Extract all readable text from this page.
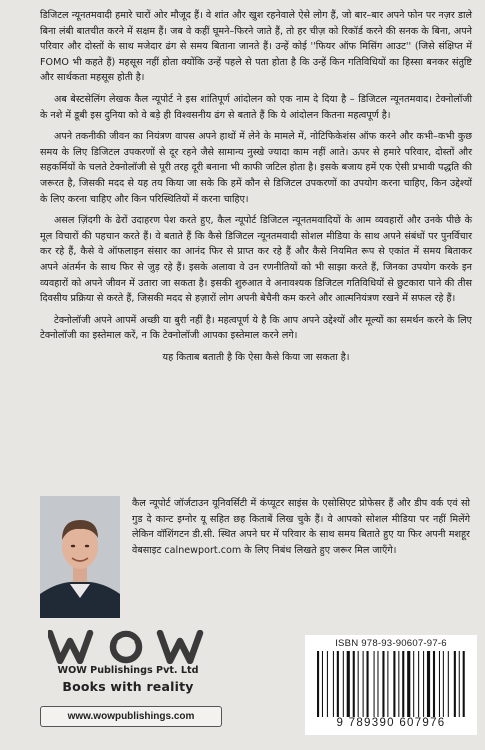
डिजिटल न्यूनतमवादी हमारे चारों ओर मौजूद हैं। वे शांत और खुश रहनेवाले ऐसे लोग हैं, जो बार–बार अपने फोन पर नज़र डाले बिना लंबी बातचीत करने में सक्षम हैं। जब वे कहीं घूमने–फिरने जाते हैं, तो हर चीज़ को रिकॉर्ड करने की सनक के बिना, अपने परिवार और दोस्तों के साथ मजेदार ढंग से समय बिताना जानते हैं। उन्हें कोई ''फियर ऑफ मिसिंग आउट'' (जिसे संक्षिप्त में FOMO भी कहते हैं) महसूस नहीं होता क्योंकि उन्हें पहले से पता होता है कि उन्हें किन गतिविधियों का हिस्सा बनकर संतुष्टि और सार्थकता महसूस होती है।

अब बेस्टसेलिंग लेखक कैल न्यूपोर्ट ने इस शांतिपूर्ण आंदोलन को एक नाम दे दिया है – डिजिटल न्यूनतमवाद। टेक्नोलॉजी के नशे में डूबी इस दुनिया को वे बड़े ही विश्वसनीय ढंग से बताते हैं कि ये आंदोलन कितना महत्वपूर्ण है।

अपने तकनीकी जीवन का नियंत्रण वापस अपने हाथों में लेने के मामले में, नोटिफिकेशंस ऑफ करने और कभी–कभी कुछ समय के लिए डिजिटल उपकरणों से दूर रहने जैसे सामान्य नुस्खे ज्यादा काम नहीं आते। ऊपर से हमारे परिवार, दोस्तों और सहकर्मियों के चलते टेक्नोलॉजी से पूरी तरह दूरी बनाना भी काफी जटिल होता है। इसके बजाय हमें एक ऐसी प्रभावी पद्धति की जरूरत है, जिसकी मदद से यह तय किया जा सके कि हमें कौन से डिजिटल उपकरणों का उपयोग करना चाहिए, किन उद्देश्यों के लिए करना चाहिए और किन परिस्थितियों में करना चाहिए।

असल ज़िंदगी के ढेरों उदाहरण पेश करते हुए, कैल न्यूपोर्ट डिजिटल न्यूनतमवादियों के आम व्यवहारों और उनके पीछे के मूल विचारों की पहचान करते हैं। वे बताते हैं कि कैसे डिजिटल न्यूनतमवादी सोशल मीडिया के साथ अपने संबंधों पर पुनर्विचार कर रहे हैं, कैसे वे ऑफलाइन संसार का आनंद फिर से प्राप्त कर रहे हैं और कैसे नियमित रूप से एकांत में समय बिताकर अपने अंतर्मन के साथ फिर से जुड़ रहे हैं। इसके अलावा वे उन रणनीतियों को भी साझा करते हैं, जिनका उपयोग करके इन व्यवहारों को अपने जीवन में उतारा जा सकता है। इसकी शुरुआत वे अनावश्यक डिजिटल गतिविधियों से छुटकारा पाने की तीस दिवसीय प्रक्रिया से करते हैं, जिसकी मदद से हज़ारों लोग अपनी बेचैनी कम करने और आत्मनियंत्रण रखने में सफल रहे हैं।

टेक्नोलॉजी अपने आपमें अच्छी या बुरी नहीं है। महत्वपूर्ण ये है कि आप अपने उद्देश्यों और मूल्यों का समर्थन करने के लिए टेक्नोलॉजी का इस्तेमाल करें, न कि टेक्नोलॉजी आपका इस्तेमाल करने लगे।

यह किताब बताती है कि ऐसा कैसे किया जा सकता है।

कैल न्यूपोर्ट जॉर्जटाउन यूनिवर्सिटी में कंप्यूटर साइंस के एसोसिएट प्रोफेसर हैं और डीप वर्क एवं सो गुड दे कान्ट इग्नोर यू सहित छह किताबें लिख चुके हैं। वे आपको सोशल मीडिया पर नहीं मिलेंगे लेकिन वॉशिंगटन डी.सी. स्थित अपने घर में परिवार के साथ समय बिताते हुए या फिर अपनी मशहूर वेबसाइट calnewport.com के लिए निबंध लिखते हुए जरूर मिल जाएँगे।
WOW Publishings Pvt. Ltd
Books with reality
www.wowpublishings.com
ISBN 978-93-90607-97-6
9 789390 607976
